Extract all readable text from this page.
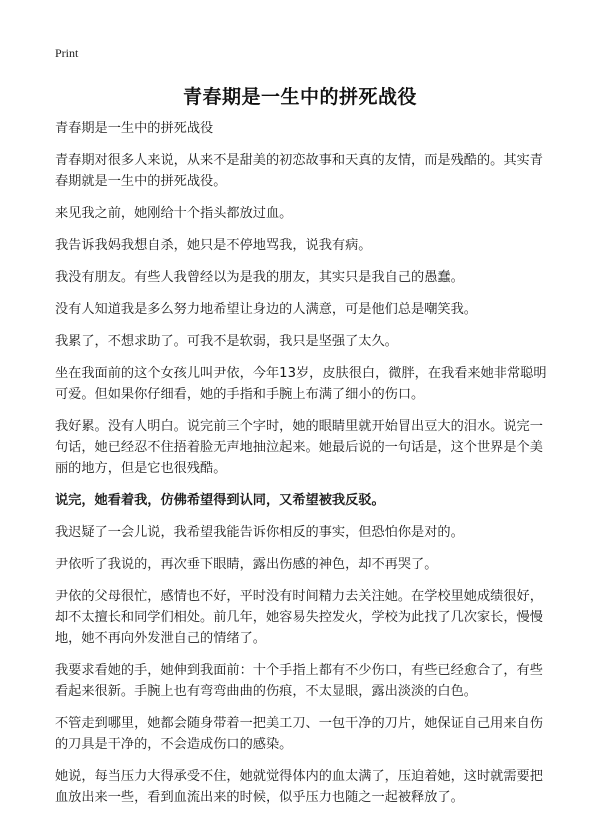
Print
青春期是一生中的拼死战役

青春期是一生中的拼死战役

青春期对很多人来说，从来不是甜美的初恋故事和天真的友情，而是残酷的。其实青春期就是一生中的拼死战役。

来见我之前，她刚给十个指头都放过血。

我告诉我妈我想自杀，她只是不停地骂我，说我有病。

我没有朋友。有些人我曾经以为是我的朋友，其实只是我自己的愚蠢。

没有人知道我是多么努力地希望让身边的人满意，可是他们总是嘲笑我。

我累了，不想求助了。可我不是软弱，我只是坚强了太久。

坐在我面前的这个女孩儿叫尹依，今年13岁，皮肤很白，微胖，在我看来她非常聪明可爱。但如果你仔细看，她的手指和手腕上布满了细小的伤口。

我好累。没有人明白。说完前三个字时，她的眼睛里就开始冒出豆大的泪水。说完一句话，她已经忍不住捂着脸无声地抽泣起来。她最后说的一句话是，这个世界是个美丽的地方，但是它也很残酷。

说完，她看着我，仿佛希望得到认同，又希望被我反驳。

我迟疑了一会儿说，我希望我能告诉你相反的事实，但恐怕你是对的。

尹依听了我说的，再次垂下眼睛，露出伤感的神色，却不再哭了。

尹依的父母很忙，感情也不好，平时没有时间精力去关注她。在学校里她成绩很好，却不太擅长和同学们相处。前几年，她容易失控发火，学校为此找了几次家长，慢慢地，她不再向外发泄自己的情绪了。

我要求看她的手，她伸到我面前：十个手指上都有不少伤口，有些已经愈合了，有些看起来很新。手腕上也有弯弯曲曲的伤痕，不太显眼，露出淡淡的白色。

不管走到哪里，她都会随身带着一把美工刀、一包干净的刀片，她保证自己用来自伤的刀具是干净的，不会造成伤口的感染。

她说，每当压力大得承受不住，她就觉得体内的血太满了，压迫着她，这时就需要把血放出来一些，看到血流出来的时候，似乎压力也随之一起被释放了。
